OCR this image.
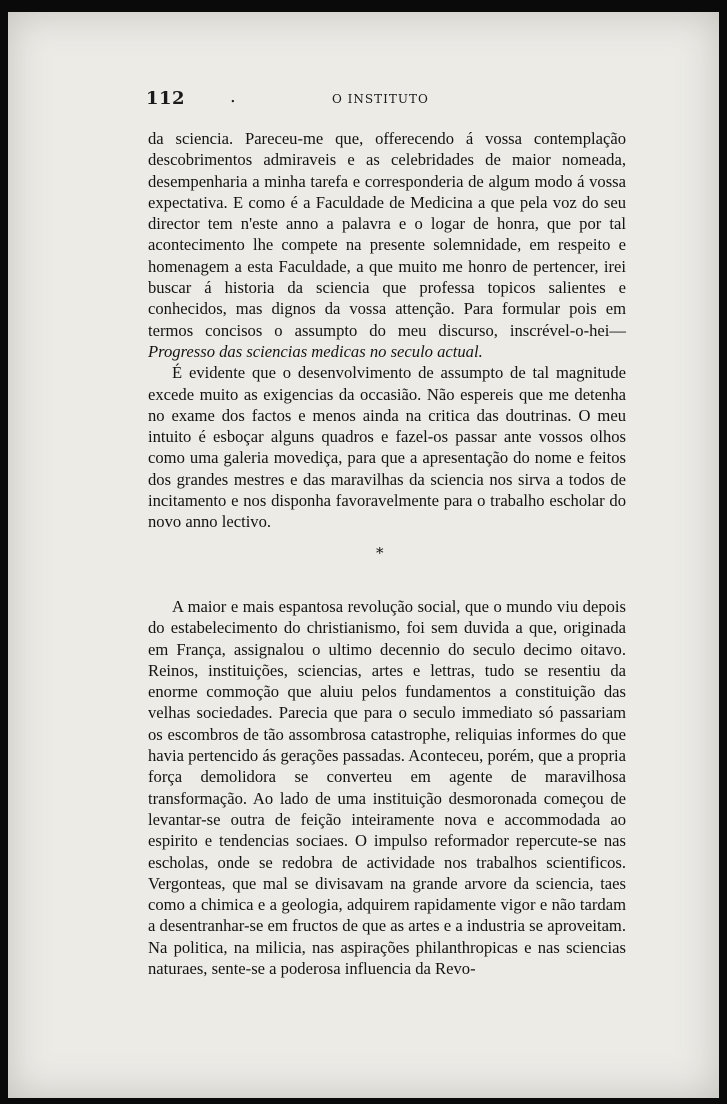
112 .	O INSTITUTO

da sciencia. Pareceu-me que, offerecendo á vossa contemplação descobrimentos admiraveis e as celebridades de maior nomeada, desempenharia a minha tarefa e corresponderia de algum modo á vossa expectativa. E como é a Faculdade de Medicina a que pela voz do seu director tem n'este anno a palavra e o logar de honra, que por tal acontecimento lhe compete na presente solemnidade, em respeito e homenagem a esta Faculdade, a que muito me honro de pertencer, irei buscar á historia da sciencia que professa topicos salientes e conhecidos, mas dignos da vossa attenção. Para formular pois em termos concisos o assumpto do meu discurso, inscrével-o-hei—Progresso das sciencias medicas no seculo actual.

É evidente que o desenvolvimento de assumpto de tal magnitude excede muito as exigencias da occasião. Não espereis que me detenha no exame dos factos e menos ainda na critica das doutrinas. O meu intuito é esboçar alguns quadros e fazel-os passar ante vossos olhos como uma galeria movediça, para que a apresentação do nome e feitos dos grandes mestres e das maravilhas da sciencia nos sirva a todos de incitamento e nos disponha favoravelmente para o trabalho escholar do novo anno lectivo.

*

A maior e mais espantosa revolução social, que o mundo viu depois do estabelecimento do christianismo, foi sem duvida a que, originada em França, assignalou o ultimo decennio do seculo decimo oitavo. Reinos, instituições, sciencias, artes e lettras, tudo se resentiu da enorme commoção que aluiu pelos fundamentos a constituição das velhas sociedades. Parecia que para o seculo immediato só passariam os escombros de tão assombrosa catastrophe, reliquias informes do que havia pertencido ás gerações passadas. Aconteceu, porém, que a propria força demolidora se converteu em agente de maravilhosa transformação. Ao lado de uma instituição desmoronada começou de levantar-se outra de feição inteiramente nova e accommodada ao espirito e tendencias sociaes. O impulso reformador repercute-se nas escholas, onde se redobra de actividade nos trabalhos scientificos. Vergonteas, que mal se divisavam na grande arvore da sciencia, taes como a chimica e a geologia, adquirem rapidamente vigor e não tardam a desentranhar-se em fructos de que as artes e a industria se aproveitam. Na politica, na milicia, nas aspirações philanthropicas e nas sciencias naturaes, sente-se a poderosa influencia da Revo-
